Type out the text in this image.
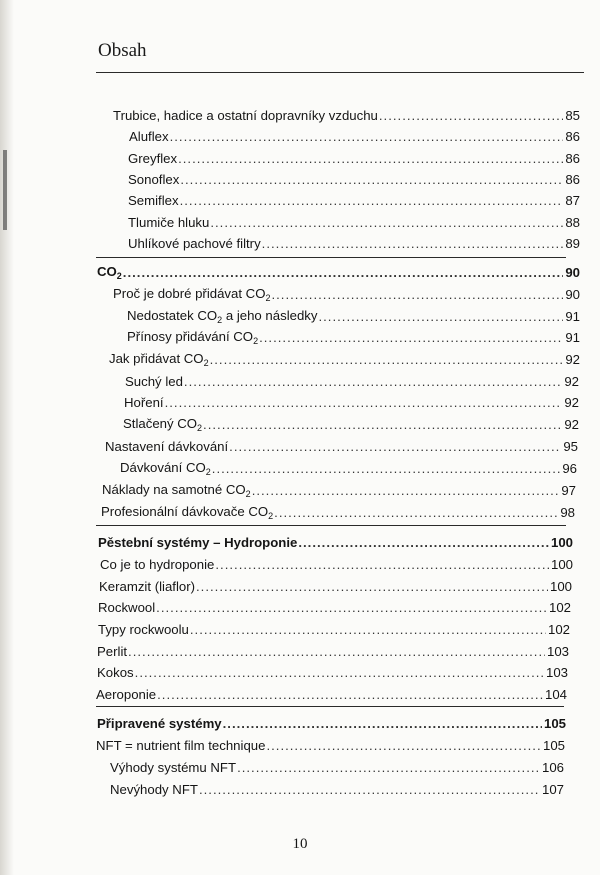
Obsah
Trubice, hadice a ostatní dopravníky vzduchu .....	85
Aluflex .....	86
Greyflex .....	86
Sonoflex .....	86
Semiflex .....	87
Tlumiče hluku .....	88
Uhlíkové pachové filtry .....	89
$CO_2$ .....	90
Proč je dobré přidávat $CO_2$ .....	90
Nedostatek $CO_2$ a jeho následky .....	91
Přínosy přidávání $CO_2$ .....	91
Jak přidávat $CO_2$ .....	92
Suchý led .....	92
Hoření .....	92
Stlačený $CO_2$ .....	92
Nastavení dávkování .....	95
Dávkování $CO_2$ .....	96
Náklady na samotné $CO_2$ .....	97
Profesionální dávkovače $CO_2$ .....	98
Pěstební systémy – Hydroponie .....	100
Co je to hydroponie .....	100
Keramzit (liaflor) .....	100
Rockwool .....	102
Typy rockwoolu .....	102
Perlit .....	103
Kokos .....	103
Aeroponie .....	104
Připravené systémy .....	105
NFT = nutrient film technique .....	105
Výhody systému NFT .....	106
Nevýhody NFT .....	107
10
